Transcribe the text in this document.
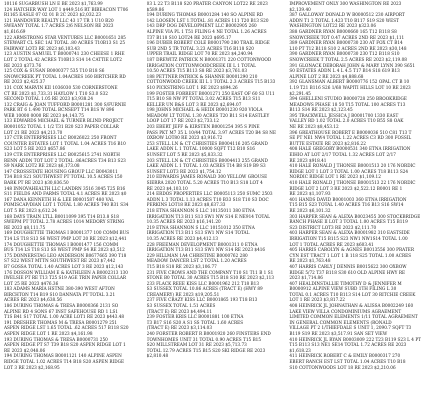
10116 SUGARBUSH LN E BE 2023 $1,763.99
124 HATCHER WAY LOT 1 $449,516 RT BIBEACON T706
R1165 EASLE 07 02 01 B 2C 2023 $2,032.23
121 HANDOVER REALTY LLC 43 17 TR 1 U10 B20
SWEANY TOTAL 1.7 ACRES 2/6 NELSON RE 2023
$1,616.69
122 ARMSTRONG STAR VENTURES LLC B0001651 285
STEWART CL SEC 1AI TOTAL .80 ACRES T10B13 S1 25
FAIRWAY LOT3 RE 2023 $6,103.43
123 AUSTIN SAMUEL T B0000741 230 CHEESE 1 RHE
LOT 2 TOTAL 42 ACRES T10B13 S14 14 CATTIE LOT2
RE 2023 $373.76
125 COX & SUSAN B0000377 535 T10 B18 S6
SNOWCREEK PT TOTAL 1.04ACRES 160 BIRTCHER RD
RE 2023 $2,425.37
131 COX MARVIN KII 1036030 530 CORNERSTONE
CT RE 2023 $1,733.31 HAYLOW 1 T10 S3.0 S32
SECOND TOTAL 1.05 RE 2023 $3,938.24
132 CRAIG & JOAN TUFFORD B0001281 300 S/FURNIE
PARK RT 6 1.490 TOTAL BCNSEPT T14 B1S W 896
WEB 10000 0000 RE 2023 $4,143.75
133 EDWARDS MICHAEL & TURNER BLIND PROJECT
B0001052 TOTAL 1 1/2 T31 B20 S23 PAPER COLLAR
LOT 21 RE 2023 $4,213.70
137 CTR ENTERPRISES LLC B0026022 250 FRONT
COUNTER ESTATES LOT 1 TOTAL 1.04 ACRES T16 B10
S23 LOT 5 RE 2023 $657.86
139 CTR ENTERPRISES LLC B0025615 2741 NORTH
RENN ADDN TOT LOT 2 TOTAL .86ACRES T34 B13 S23
S9 NARK LOT2 RE 2023 $6,173.08
147 CROSSSTATE HOUSING GROUP LLC B0043011
T34 B18 S21 SOUTHWEST PT TOTAL 10.5 ACRES 150
BARK PT RE 2023 $30,836.50
148 INNOVAHEALTH LLC LANDRN 3516 3045 T25 B16
S11 FIELDS AND FARMS TOTAL 4.1 ACRES RE 2023 $0
167 DANA KENNETH H & LEE B0001587 480 VAL
POMISCAP/DIAN LOT 1 TOTAL 1.80 ACRES T40 B31 S34
LOT 5 RE 2023 $,612.24
168 DAYS TRAIN LTLL B0011099 395 T14 B13.8 S18
SWEPM PT TOTAL 2.78 ACRES 1014 MEDORY STRING
RE 2023 $8,111.75
169 DOUGHETTIE THOMAS I B0001377 100 COMM BUS
T14 LS T18 S13 S6 WEST PMP LOT 20 RE 2023 $12,441
174 DOUGHETTIE THOMAS I B0001477 156 COMM
BUS T14 LS T18 S13 SS WEST PMP S4 RE 2023 $3,512
175 DONNERSTAG LEO ANDERSON B0677665 390 T18
S7 S22 WEST MTTN SOUTHWEST RE 2023 $7,442
B7 GOSSA TOTAL 1.40 ACRES LOT 3 RE 2023 $12,143
176 DOSSON WILLIAM E & KATHLEEN A B0002313 130
IWELSIE PT RE T13 T25 S19 AGE TRIN PAPER COLLAR
LOT 25 RE 2023 $476.36
183 ADAMS MARIA HSTNE 380-390 WEST AFTON
BIRCHTON T14 B19 S10 DANNATA PT TOTAL 3.21
ACRES RE 2023 $4,638.56
186 DURING THOMAS & TRESA B0000366 2131 SO
ALPINE RD 4 SONS 67 INST SAFEHOUSE RD 1 LS1
T1S B41 S17 TOTAL 1.00 ACRE LOT1 RE 2023 $443.48
191 DRESHER THOMAS M & TRESA B0001279 251
ASPEN RIDGE LST 1.65 TOTAL .62 ACRES 517 B118 S20
ASPEN RIDGE LOT 1 RE 2023 $4,161.98
193 DURING THOMAS & TRESA B0000731 250
ASPEN RIDGE PT S7 T39 B18 S20 ASPEN RIDGE LOT 1
RE 2023 $2,048.06
194 DURING THOMAS B0001121 140 ALPINE ASPEN
RIDGE TOTAL 1.02 ACRES T14 B18 S20 ASPEN RIDGE
LOT 3 RE 2023 $2,168.95
03 L 22 T3 B118 S20 PRATER CANYON LOT22 RE 2023
$589.86
194 DURING THOMAS B0001284 140 SO ALPINE RD
142 LOOSEN LST 1.TOTAL .81 ACRES 111 T20 B13 S20
143 DRP DOG DEVELOPMENT LLC B0002905 260
ALPINE VIA PL 1 T51 FILING 4 NE TOTAL 1.26 ACRES
T37 B118 S10 LOT24 RE 2023 $695.17
196 DUBER ROBERT COLE B0001790 280 TRAIL RIDGE
SUB 2ND 5 TR TOTAL 3.23 ACRES T16 B118 S20
UPPER TRAIL RIDGE LOT 70 RE 2023 $4,240.94
187 DREWITZ PATRICK N B0001371 220 COTTONWOOD
IRRIGATION COTTONWOODCREEK III L 1 TOTAL
10.50 ACRES T15 B113 S8 RE 2023 $3,761.03
188 PETTNER PATRICK & SHANNE B0001290 210
COTTONWOOD CREEK III L 1 TOTAL 2.3 ACRES T15 B133
S10 PICKSTRING LOT 1 RE 2023 $894.26
199 FOSTER FORREST B0001271 250 EAST OF 60 S3 U11
T15 B10 S8 NW PT TOTAL 3.02 ACRES T15 B13 S11
KELLER UN B&S LOT 3 RE 2023 $2,694.07
198 JOHNS MICHAEL & HEIDI B0001230 920 VIOLA
MEADOW LT TOTAL 1.30 ACRES T20 B11 S14 EASTLEY
LOOP LOT 17 RE 2023 $2,733.12
203 EBERT JEFF & KIRSTEN B0001254 395 S PINE
PASS PKT M7 35 L 10/44 TOTAL 3.97 ACRES T20 B4 S8 NE
OXBOW LOT80 RE 2023 $3,916.72
253 STELL LN & CT CHRISTIES B0004116 205 GRAND
LAKE ADDN L 1 TOTAL 10000 SQFT T12 B10 S16
SUNSET LOT 5 RE 2023 $5,833.32
203 STELL LN & CT CHRISTIES B0004413 255 GRAND
LAKE ADDN L 1 TOTAL 1.03 ACRES T14 B8 S19 B9 S3
SUNSET LOT3 RE 2023 $1,754.12
210 EDWARDS JAMES RONALD 300 YELLOW GROUSE
SIERRA 2020 TOTAL 5.20 ACRES T10 B13 S18 LOT 4
RE 2023 $4,103.10
214 ERDOS PROPERTIES LLC B0005113 250 SUMC 2503
ADDN L 3 TOTAL 1.13 ACRES T10 B33 S18 T10 S3 DOC
PERKINS LOT18 RE 2023 $8,637.33
218 ETNA SHANNON S LLC 10135011 380 ETNA
IRRIGATION T13 B11 S13 SW1 NW S14 E NE914 TOTAL
10.35 ACRES RE 2023 $16,141.20
219 ETNA SHANNON S LLC 10151012 350 ETNA
IRRIGATION T13 B11 S13 SW1 NW S14 TOTAL
10.35 ACRES RE 2023 $4,412.13
228 FREEMAN DEVELOPMENT B0001311 0 ETNA
IRRIGATION T13 B11 S13 SW1 NW S14 RE 2023 $416
229 HILLMAN 1A4 CHRISTINE B0000762 280
MEADOW DANCER LST 2 TOTAL 1.20 ACRES
T15 B18 S18 RE 2023 $3,106.77
231 FIVE CROWS AND THE COMPANY T10 S1 T11 B 1 S1
STONE B0 TOTAL 30 ACRES T15 B18 S10 RE 2023 $2,113
233 FLACK REEE KISS LLC B0001962 212 T18 B13
S3 SUSSEX TOTAL 10.86 ACRES (TRACT E) (HWY 89
CREAMERY) RE 2023 $19,205.51
237 FIVE CRAZY KISS LLC B0001865 193 T18 B13
S3 SUSSEX TOTAL 1.51 ACRES
(TRACT E) RE 2023 $4,494.11
239 FOSTER KRIS LLC B0001881 100 ETNA
T3 B17 S16 S20 A S1 SS TOTAL 1.60 ACRES
(TRACT E) RE 2023 $3,114.03
240 FORSTER ROBERT R B0001920 260 FINSTERS END
TOWNHOMES UNIT 31 TOTAL 0.90 ACRES T15 B15
S20 MILLSTREAM LOT 31 RE 2023 $5,713.73
TOTAL 12.79 ACRES T15 B15 S20 SKI RIDGE RE 2023
$2,810.48
IMPROVEMENT ONLY 300 WASHINGTON RE 2023
$2,139.40
387 GALLOWAY DONALD W B0000512 230 AIRPORT
ADDN T1 2 TOTAL 1.423 T10 B117 S19 S20 WEST
WASHINGTON LOT22 RE 2023 $323.06
388 GARDNER RYAN B0000660 165 T12 B118 S8
SNOWCREEK TOT 0.47 ACRES 2ND RE 2023 $1,111
389 GARDNER RYAN B0000730 230 AT FOX CT B14
L10 PT T12 B118 S10 2 ACRES 2ND RE 2023 $30,148
390 GARDNER RYAN B0000730 230 T12 B118 S10
SNOWCREEK T TOTAL 2.5 ACRES RE 2023 $2,119.08
391 GLONACK DEBORAH JOHN & MARY LYNN 390 S651
S0 ESTATES ADDN L 4 L 4.5 T17 B14 S18 619 B13
ALPINE LOT 2 RE 2023 $4,888.68
392 GLANSMAN ALBERT B0000776 152 OPAL CT B 10
1.19 T21 B116 S26 1/68 WAPITI HILLS LOT 10 RE 2023
$2,291.45
394 GHELLENI STUDIO B0000728 250 BROOKRIDGE
MEADOWS PHASE 18 50 T15 TOTAL 100 ACRES T13
B113 S14 RE 2023 $2,123.45
395 TRACKWELL JESSICA J B0001700 1330 EAST
VALLEY RD 1.02 TOTAL 2.0 ACRES T10 B55 S8 OAK
NE RE 2023 $8,453.12
396 GREATHOUSE ROBERT E B0000036 510 C81 T13 T
SE PT NE1 NW4 TOTAL 1.22 ACRES C3 RD 300 FOSSIL
BUTTE ESTATE RE 2023 $2,816.22
408 HALE GREGORY B0000531 340 ETNA IRRIGATION
EIHIO AT LOT 2/17 TOTAL 1.32 ACRES LOT 2/17
RE 2023 $918.41
410 HALE RONALD J THONSE B0001513 20 176 NORDIC
RIDGE LOT 1 LOT 3 TOTAL 1.00 ACRES T18 B113 S24
NORDIC RIDGE LOT 1 RE 2023 $1,109.12
410 HALE RONALD J THONSE B0001513 22 176 NORDIC
RIDGE LOT 2 LOT 3 RE 2023 $2,522.12 B0001 RE 1
RE 2023 $1,107.93
401 HANDS DAVID B0001003 360 ETNA IRRIGATION
T15 B15 S23 TOTAL 1.40 ACRES T16 B13 S16 SW14
RE 2023 $6,101.32
303 HARPER SEAN & ALEXA B0023455 300 STOCKBRIDGE
RANCH PHASE II LOT 3 TOTAL 1.00 ACRES T15 B119
S23 DISTRICT LOT3 RE 2023 $2,111.70
403 HARPER SEAN & ALEXA B0001982 310 EASTSIDE
IRRIGATION T15 B115 S23 NW1 NW1S14 TOTAL 1.00
LOT 1 TOTAL ACRES RE 2023 $603.41
405 HARRIS CAROLYN & AGNES B0013556 300 PRATER
CYN EST TRACT 1 LOT 1 B 118 S25 TOTAL 1.00 ACRES
RE 2023 $1,763.48
407 HARRIS CARLY J DENNIS B0015622 300 OXBOW
RIDGE 5/72 T37 B118 S30 610 OLD ALPINE HWY RE
2023 $1,714.86
407 HEALDINSTALLIE TIMOTHY D & JENNIFER M
B0000912 ALPINE VIEW SUBD 1TH FILING L 30
TOTAL 0.1 ACRES T10 B113 S14 LOT 30 RITCHIE CREEK
LOT 1 RE 2023 $3,817.22
408 HEINRICK JL JOHNATHAN & ALISSA B0002249 160
LAKE VIEW VILLA CONDOMINIUMS AGRAEMENT
LIMITED COMMON ELEMENTS 1/11 TOTAL AGRAEMENT
IN GENERAL COMMON ELEMENTS (RONALD
VILLAGE PT 2 1/THIEFDALE S UNIT 1, 2090.7 SQFT T3
B119 S19 RE 2023 $3,517.91 SAN SET VIEW
410 HEINRICK JL RYAN B0003009 222 T23 B119 S23 L 4 PT
T15 B113 S13 NE1 SE14 TOTAL 1.72 ACRES RE 2023
$1,618.23
411 HEINRICK ROBERT C & EMILY B0000317 270
EBERT RANCH EST LST TOTAL 1.04 ACRES T10 B18
S10 COTTONWOODS LOT 18 RE 2023 $2,210.06
